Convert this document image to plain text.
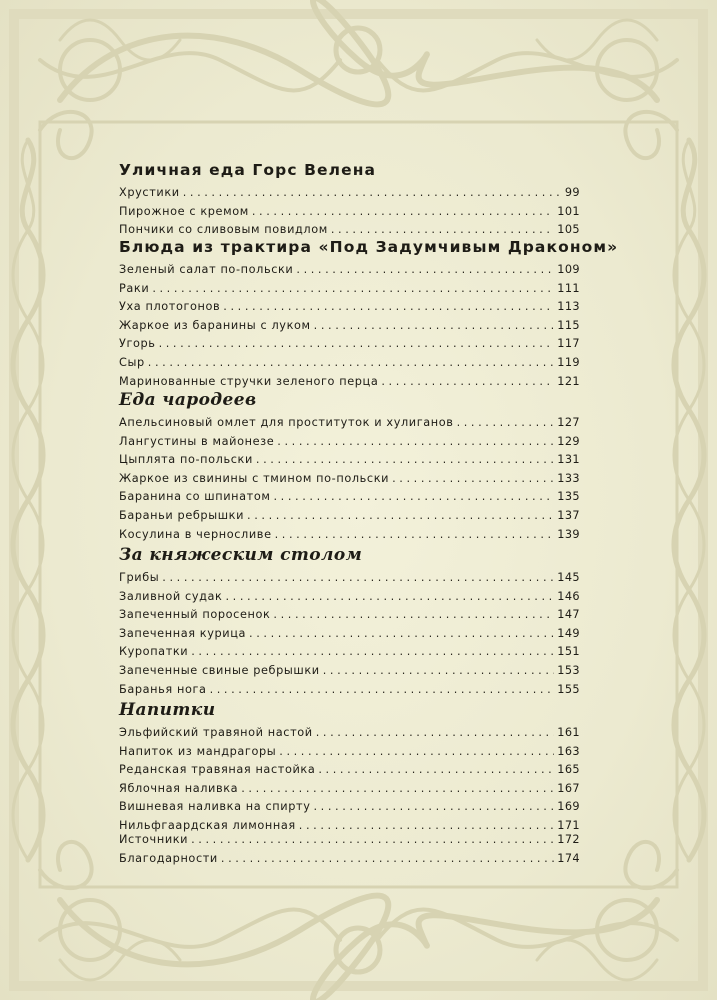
Уличная еда Горс Велена
Хрустики . . .	99
Пирожное с кремом . . .	101
Пончики со сливовым повидлом . . .	105
Блюда из трактира «Под Задумчивым Драконом»
Зеленый салат по-польски . . .	109
Раки . . .	111
Уха плотогонов . . .	113
Жаркое из баранины с луком . . .	115
Угорь . . .	117
Сыр . . .	119
Маринованные стручки зеленого перца . . .	121
Еда чародеев
Апельсиновый омлет для проституток и хулиганов . . .	127
Лангустины в майонезе . . .	129
Цыплята по-польски . . .	131
Жаркое из свинины с тмином по-польски . . .	133
Баранина со шпинатом . . .	135
Бараньи ребрышки . . .	137
Косулина в черносливе . . .	139
За княжеским столом
Грибы . . .	145
Заливной судак . . .	146
Запеченный поросенок . . .	147
Запеченная курица . . .	149
Куропатки . . .	151
Запеченные свиные ребрышки . . .	153
Баранья нога . . .	155
Напитки
Эльфийский травяной настой . . .	161
Напиток из мандрагоры . . .	163
Реданская травяная настойка . . .	165
Яблочная наливка . . .	167
Вишневая наливка на спирту . . .	169
Нильфгаардская лимонная . . .	171
Источники . . .	172
Благодарности . . .	174
